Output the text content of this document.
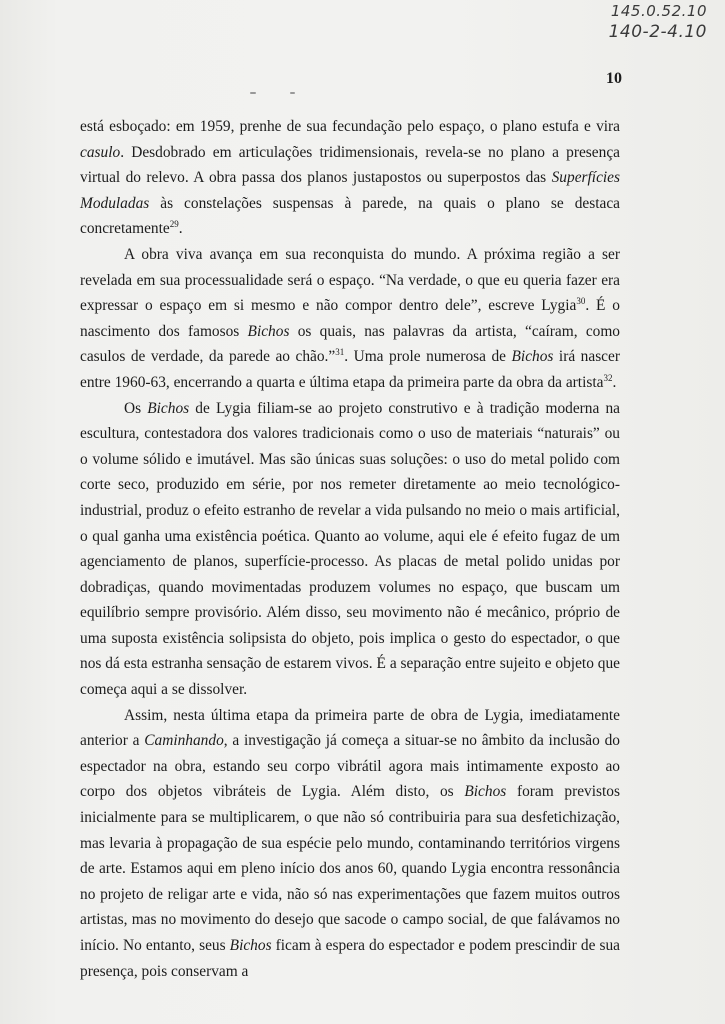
145.0.52.10
140-2-4.10
10

está esboçado: em 1959, prenhe de sua fecundação pelo espaço, o plano estufa e vira casulo. Desdobrado em articulações tridimensionais, revela-se no plano a presença virtual do relevo. A obra passa dos planos justapostos ou superpostos das Superfícies Moduladas às constelações suspensas à parede, na quais o plano se destaca concretamente$^{29}$.

A obra viva avança em sua reconquista do mundo. A próxima região a ser revelada em sua processualidade será o espaço. “Na verdade, o que eu queria fazer era expressar o espaço em si mesmo e não compor dentro dele”, escreve Lygia$^{30}$. É o nascimento dos famosos Bichos os quais, nas palavras da artista, “caíram, como casulos de verdade, da parede ao chão.”$^{31}$. Uma prole numerosa de Bichos irá nascer entre 1960-63, encerrando a quarta e última etapa da primeira parte da obra da artista$^{32}$.

Os Bichos de Lygia filiam-se ao projeto construtivo e à tradição moderna na escultura, contestadora dos valores tradicionais como o uso de materiais “naturais” ou o volume sólido e imutável. Mas são únicas suas soluções: o uso do metal polido com corte seco, produzido em série, por nos remeter diretamente ao meio tecnológico-industrial, produz o efeito estranho de revelar a vida pulsando no meio o mais artificial, o qual ganha uma existência poética. Quanto ao volume, aqui ele é efeito fugaz de um agenciamento de planos, superfície-processo. As placas de metal polido unidas por dobradiças, quando movimentadas produzem volumes no espaço, que buscam um equilíbrio sempre provisório. Além disso, seu movimento não é mecânico, próprio de uma suposta existência solipsista do objeto, pois implica o gesto do espectador, o que nos dá esta estranha sensação de estarem vivos. É a separação entre sujeito e objeto que começa aqui a se dissolver.

Assim, nesta última etapa da primeira parte de obra de Lygia, imediatamente anterior a Caminhando, a investigação já começa a situar-se no âmbito da inclusão do espectador na obra, estando seu corpo vibrátil agora mais intimamente exposto ao corpo dos objetos vibráteis de Lygia. Além disto, os Bichos foram previstos inicialmente para se multiplicarem, o que não só contribuiria para sua desfetichização, mas levaria à propagação de sua espécie pelo mundo, contaminando territórios virgens de arte. Estamos aqui em pleno início dos anos 60, quando Lygia encontra ressonância no projeto de religar arte e vida, não só nas experimentações que fazem muitos outros artistas, mas no movimento do desejo que sacode o campo social, de que falávamos no início. No entanto, seus Bichos ficam à espera do espectador e podem prescindir de sua presença, pois conservam a
